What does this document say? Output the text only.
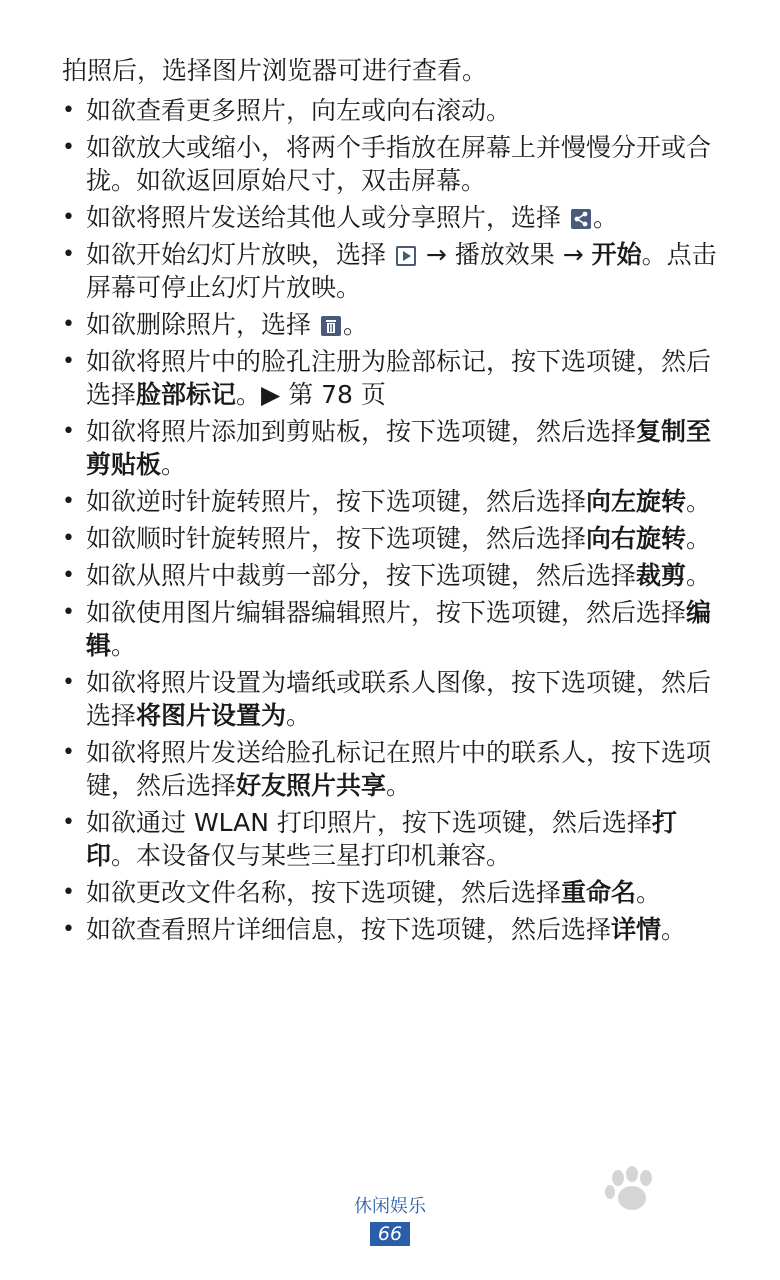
拍照后，选择图片浏览器可进行查看。

• 如欲查看更多照片，向左或向右滚动。
• 如欲放大或缩小，将两个手指放在屏幕上并慢慢分开或合拢。如欲返回原始尺寸，双击屏幕。
• 如欲将照片发送给其他人或分享照片，选择 。
• 如欲开始幻灯片放映，选择  → 播放效果 → 开始。点击屏幕可停止幻灯片放映。
• 如欲删除照片，选择 。
• 如欲将照片中的脸孔注册为脸部标记，按下选项键，然后选择脸部标记。▶ 第 78 页
• 如欲将照片添加到剪贴板，按下选项键，然后选择复制至剪贴板。
• 如欲逆时针旋转照片，按下选项键，然后选择向左旋转。
• 如欲顺时针旋转照片，按下选项键，然后选择向右旋转。
• 如欲从照片中裁剪一部分，按下选项键，然后选择裁剪。
• 如欲使用图片编辑器编辑照片，按下选项键，然后选择编辑。
• 如欲将照片设置为墙纸或联系人图像，按下选项键，然后选择将图片设置为。
• 如欲将照片发送给脸孔标记在照片中的联系人，按下选项键，然后选择好友照片共享。
• 如欲通过 WLAN 打印照片，按下选项键，然后选择打印。本设备仅与某些三星打印机兼容。
• 如欲更改文件名称，按下选项键，然后选择重命名。
• 如欲查看照片详细信息，按下选项键，然后选择详情。
休闲娱乐
66
